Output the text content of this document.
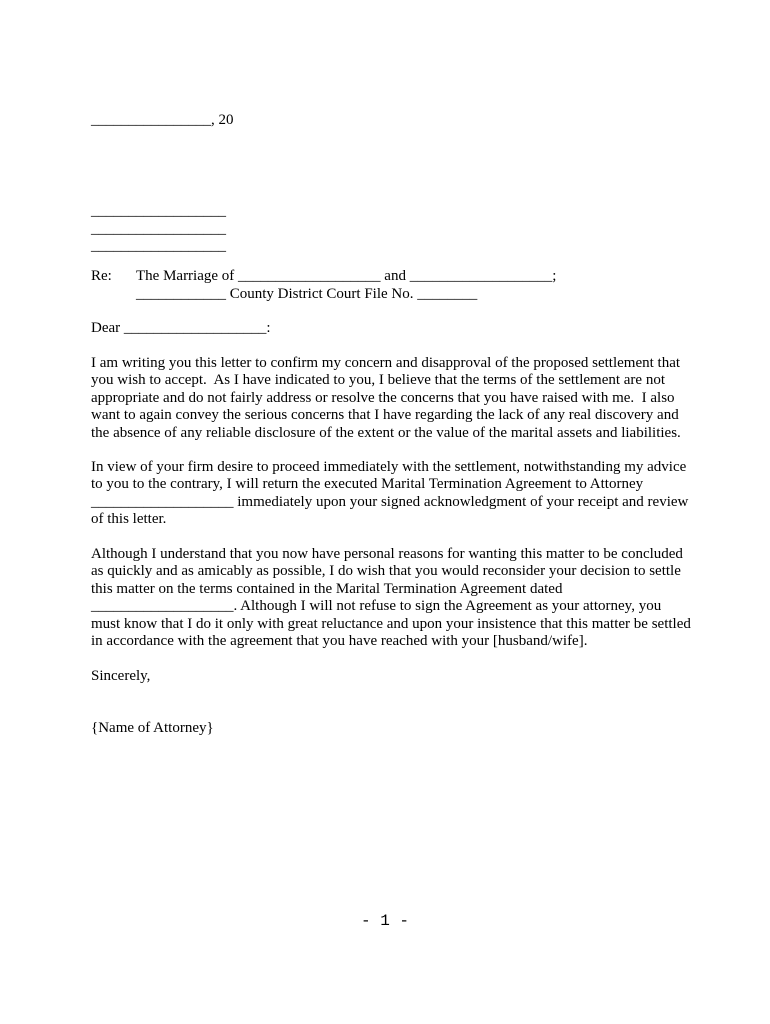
________________, 20
__________________
__________________
__________________
Re: The Marriage of ___________________ and ___________________;
____________ County District Court File No. ________
Dear ___________________:
I am writing you this letter to confirm my concern and disapproval of the proposed settlement that
you wish to accept.  As I have indicated to you, I believe that the terms of the settlement are not
appropriate and do not fairly address or resolve the concerns that you have raised with me.  I also
want to again convey the serious concerns that I have regarding the lack of any real discovery and
the absence of any reliable disclosure of the extent or the value of the marital assets and liabilities.
In view of your firm desire to proceed immediately with the settlement, notwithstanding my advice
to you to the contrary, I will return the executed Marital Termination Agreement to Attorney
___________________ immediately upon your signed acknowledgment of your receipt and review
of this letter.
Although I understand that you now have personal reasons for wanting this matter to be concluded
as quickly and as amicably as possible, I do wish that you would reconsider your decision to settle
this matter on the terms contained in the Marital Termination Agreement dated
___________________. Although I will not refuse to sign the Agreement as your attorney, you
must know that I do it only with great reluctance and upon your insistence that this matter be settled
in accordance with the agreement that you have reached with your [husband/wife].
Sincerely,
{Name of Attorney}
- 1 -
